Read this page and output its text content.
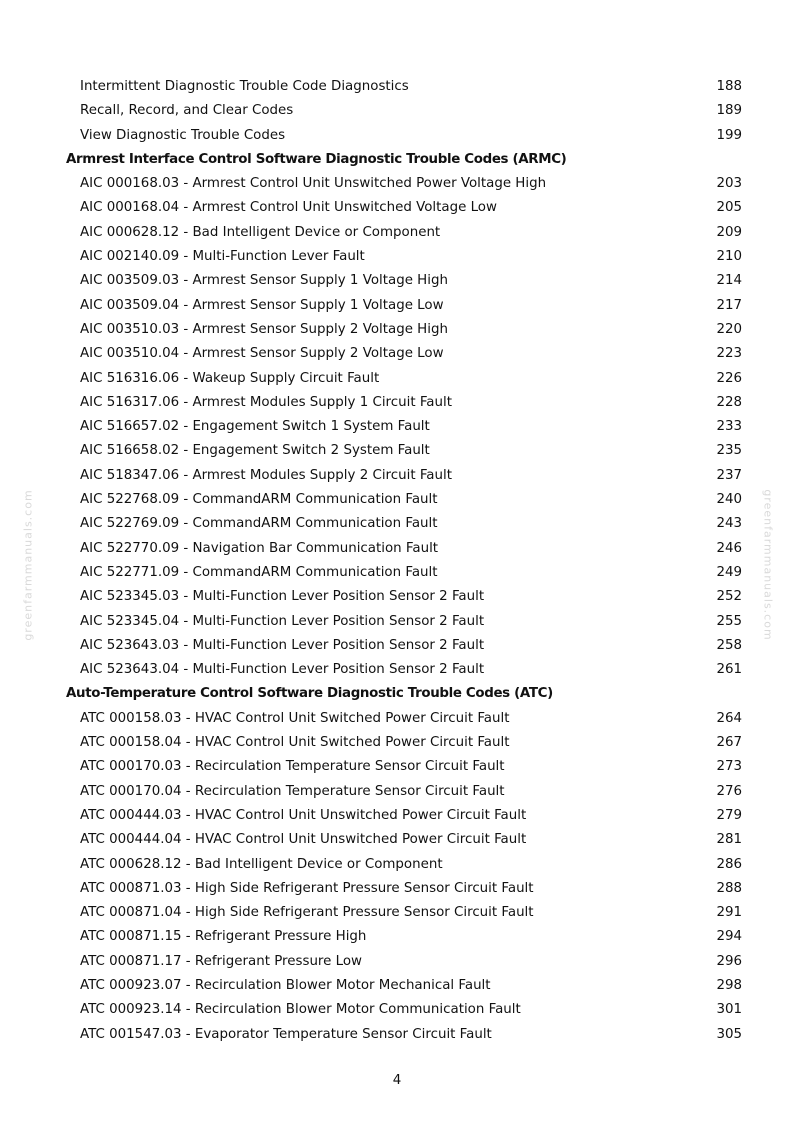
greenfarmmanuals.com	greenfarmmanuals.com
Intermittent Diagnostic Trouble Code Diagnostics	188
Recall, Record, and Clear Codes	189
View Diagnostic Trouble Codes	199
Armrest Interface Control Software Diagnostic Trouble Codes (ARMC)
AIC 000168.03 - Armrest Control Unit Unswitched Power Voltage High	203
AIC 000168.04 - Armrest Control Unit Unswitched Voltage Low	205
AIC 000628.12 - Bad Intelligent Device or Component	209
AIC 002140.09 - Multi-Function Lever Fault	210
AIC 003509.03 - Armrest Sensor Supply 1 Voltage High	214
AIC 003509.04 - Armrest Sensor Supply 1 Voltage Low	217
AIC 003510.03 - Armrest Sensor Supply 2 Voltage High	220
AIC 003510.04 - Armrest Sensor Supply 2 Voltage Low	223
AIC 516316.06 - Wakeup Supply Circuit Fault	226
AIC 516317.06 - Armrest Modules Supply 1 Circuit Fault	228
AIC 516657.02 - Engagement Switch 1 System Fault	233
AIC 516658.02 - Engagement Switch 2 System Fault	235
AIC 518347.06 - Armrest Modules Supply 2 Circuit Fault	237
AIC 522768.09 - CommandARM Communication Fault	240
AIC 522769.09 - CommandARM Communication Fault	243
AIC 522770.09 - Navigation Bar Communication Fault	246
AIC 522771.09 - CommandARM Communication Fault	249
AIC 523345.03 - Multi-Function Lever Position Sensor 2 Fault	252
AIC 523345.04 - Multi-Function Lever Position Sensor 2 Fault	255
AIC 523643.03 - Multi-Function Lever Position Sensor 2 Fault	258
AIC 523643.04 - Multi-Function Lever Position Sensor 2 Fault	261
Auto-Temperature Control Software Diagnostic Trouble Codes (ATC)
ATC 000158.03 - HVAC Control Unit Switched Power Circuit Fault	264
ATC 000158.04 - HVAC Control Unit Switched Power Circuit Fault	267
ATC 000170.03 - Recirculation Temperature Sensor Circuit Fault	273
ATC 000170.04 - Recirculation Temperature Sensor Circuit Fault	276
ATC 000444.03 - HVAC Control Unit Unswitched Power Circuit Fault	279
ATC 000444.04 - HVAC Control Unit Unswitched Power Circuit Fault	281
ATC 000628.12 - Bad Intelligent Device or Component	286
ATC 000871.03 - High Side Refrigerant Pressure Sensor Circuit Fault	288
ATC 000871.04 - High Side Refrigerant Pressure Sensor Circuit Fault	291
ATC 000871.15 - Refrigerant Pressure High	294
ATC 000871.17 - Refrigerant Pressure Low	296
ATC 000923.07 - Recirculation Blower Motor Mechanical Fault	298
ATC 000923.14 - Recirculation Blower Motor Communication Fault	301
ATC 001547.03 - Evaporator Temperature Sensor Circuit Fault	305
4
